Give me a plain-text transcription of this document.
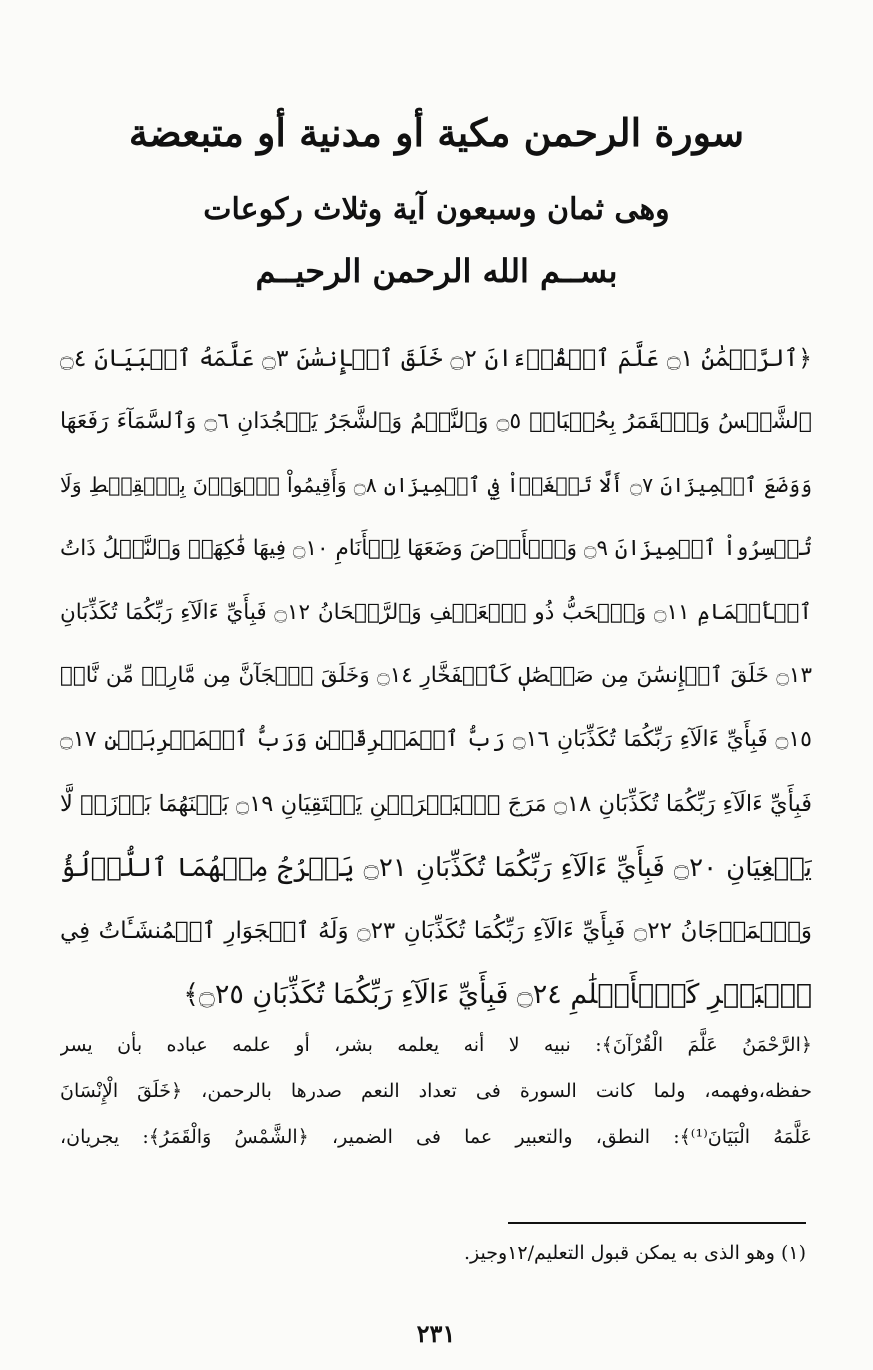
سورة الرحمن مكية أو مدنية أو متبعضة
وهى ثمان وسبعون آية وثلاث ركوعات
بســم الله الرحمن الرحيــم
﴿ٱلرَّحۡمَٰنُ ۝١ عَلَّمَ ٱلۡقُرۡءَانَ ۝٢ خَلَقَ ٱلۡإِنسَٰنَ ۝٣ عَلَّمَهُ ٱلۡبَيَانَ ۝٤
ٱلشَّمۡسُ وَٱلۡقَمَرُ بِحُسۡبَانٖ ۝٥ وَٱلنَّجۡمُ وَٱلشَّجَرُ يَسۡجُدَانِ ۝٦ وَٱلسَّمَآءَ رَفَعَهَا
وَوَضَعَ ٱلۡمِيزَانَ ۝٧ أَلَّا تَطۡغَوۡاْ فِي ٱلۡمِيزَانِ ۝٨ وَأَقِيمُواْ ٱلۡوَزۡنَ بِٱلۡقِسۡطِ وَلَا
تُخۡسِرُواْ ٱلۡمِيزَانَ ۝٩ وَٱلۡأَرۡضَ وَضَعَهَا لِلۡأَنَامِ ۝١٠ فِيهَا فَٰكِهَةٞ وَٱلنَّخۡلُ ذَاتُ
ٱلۡأَكۡمَامِ ۝١١ وَٱلۡحَبُّ ذُو ٱلۡعَصۡفِ وَٱلرَّيۡحَانُ ۝١٢ فَبِأَيِّ ءَالَآءِ رَبِّكُمَا تُكَذِّبَانِ
۝١٣ خَلَقَ ٱلۡإِنسَٰنَ مِن صَلۡصَٰلٖ كَٱلۡفَخَّارِ ۝١٤ وَخَلَقَ ٱلۡجَآنَّ مِن مَّارِجٖ مِّن نَّارٖ
۝١٥ فَبِأَيِّ ءَالَآءِ رَبِّكُمَا تُكَذِّبَانِ ۝١٦ رَبُّ ٱلۡمَشۡرِقَيۡنِ وَرَبُّ ٱلۡمَغۡرِبَيۡنِ ۝١٧
فَبِأَيِّ ءَالَآءِ رَبِّكُمَا تُكَذِّبَانِ ۝١٨ مَرَجَ ٱلۡبَحۡرَيۡنِ يَلۡتَقِيَانِ ۝١٩ بَيۡنَهُمَا بَرۡزَخٞ لَّا
يَبۡغِيَانِ ۝٢٠ فَبِأَيِّ ءَالَآءِ رَبِّكُمَا تُكَذِّبَانِ ۝٢١ يَخۡرُجُ مِنۡهُمَا ٱللُّؤۡلُؤُ
وَٱلۡمَرۡجَانُ ۝٢٢ فَبِأَيِّ ءَالَآءِ رَبِّكُمَا تُكَذِّبَانِ ۝٢٣ وَلَهُ ٱلۡجَوَارِ ٱلۡمُنشَـَٔاتُ فِي
ٱلۡبَحۡرِ كَٱلۡأَعۡلَٰمِ ۝٢٤ فَبِأَيِّ ءَالَآءِ رَبِّكُمَا تُكَذِّبَانِ ۝٢٥﴾
﴿الرَّحْمَنُ عَلَّمَ الْقُرْآنَ﴾: نبيه لا أنه يعلمه بشر، أو علمه عباده بأن يسر
حفظه،وفهمه، ولما كانت السورة فى تعداد النعم صدرها بالرحمن، ﴿خَلَقَ الْإِنْسَانَ
عَلَّمَهُ الْبَيَانَ⁽¹⁾﴾: النطق، والتعبير عما فى الضمير، ﴿الشَّمْسُ وَالْقَمَرُ﴾: يجريان،
(١) وهو الذى به يمكن قبول التعليم/١٢وجيز.
٢٣١
